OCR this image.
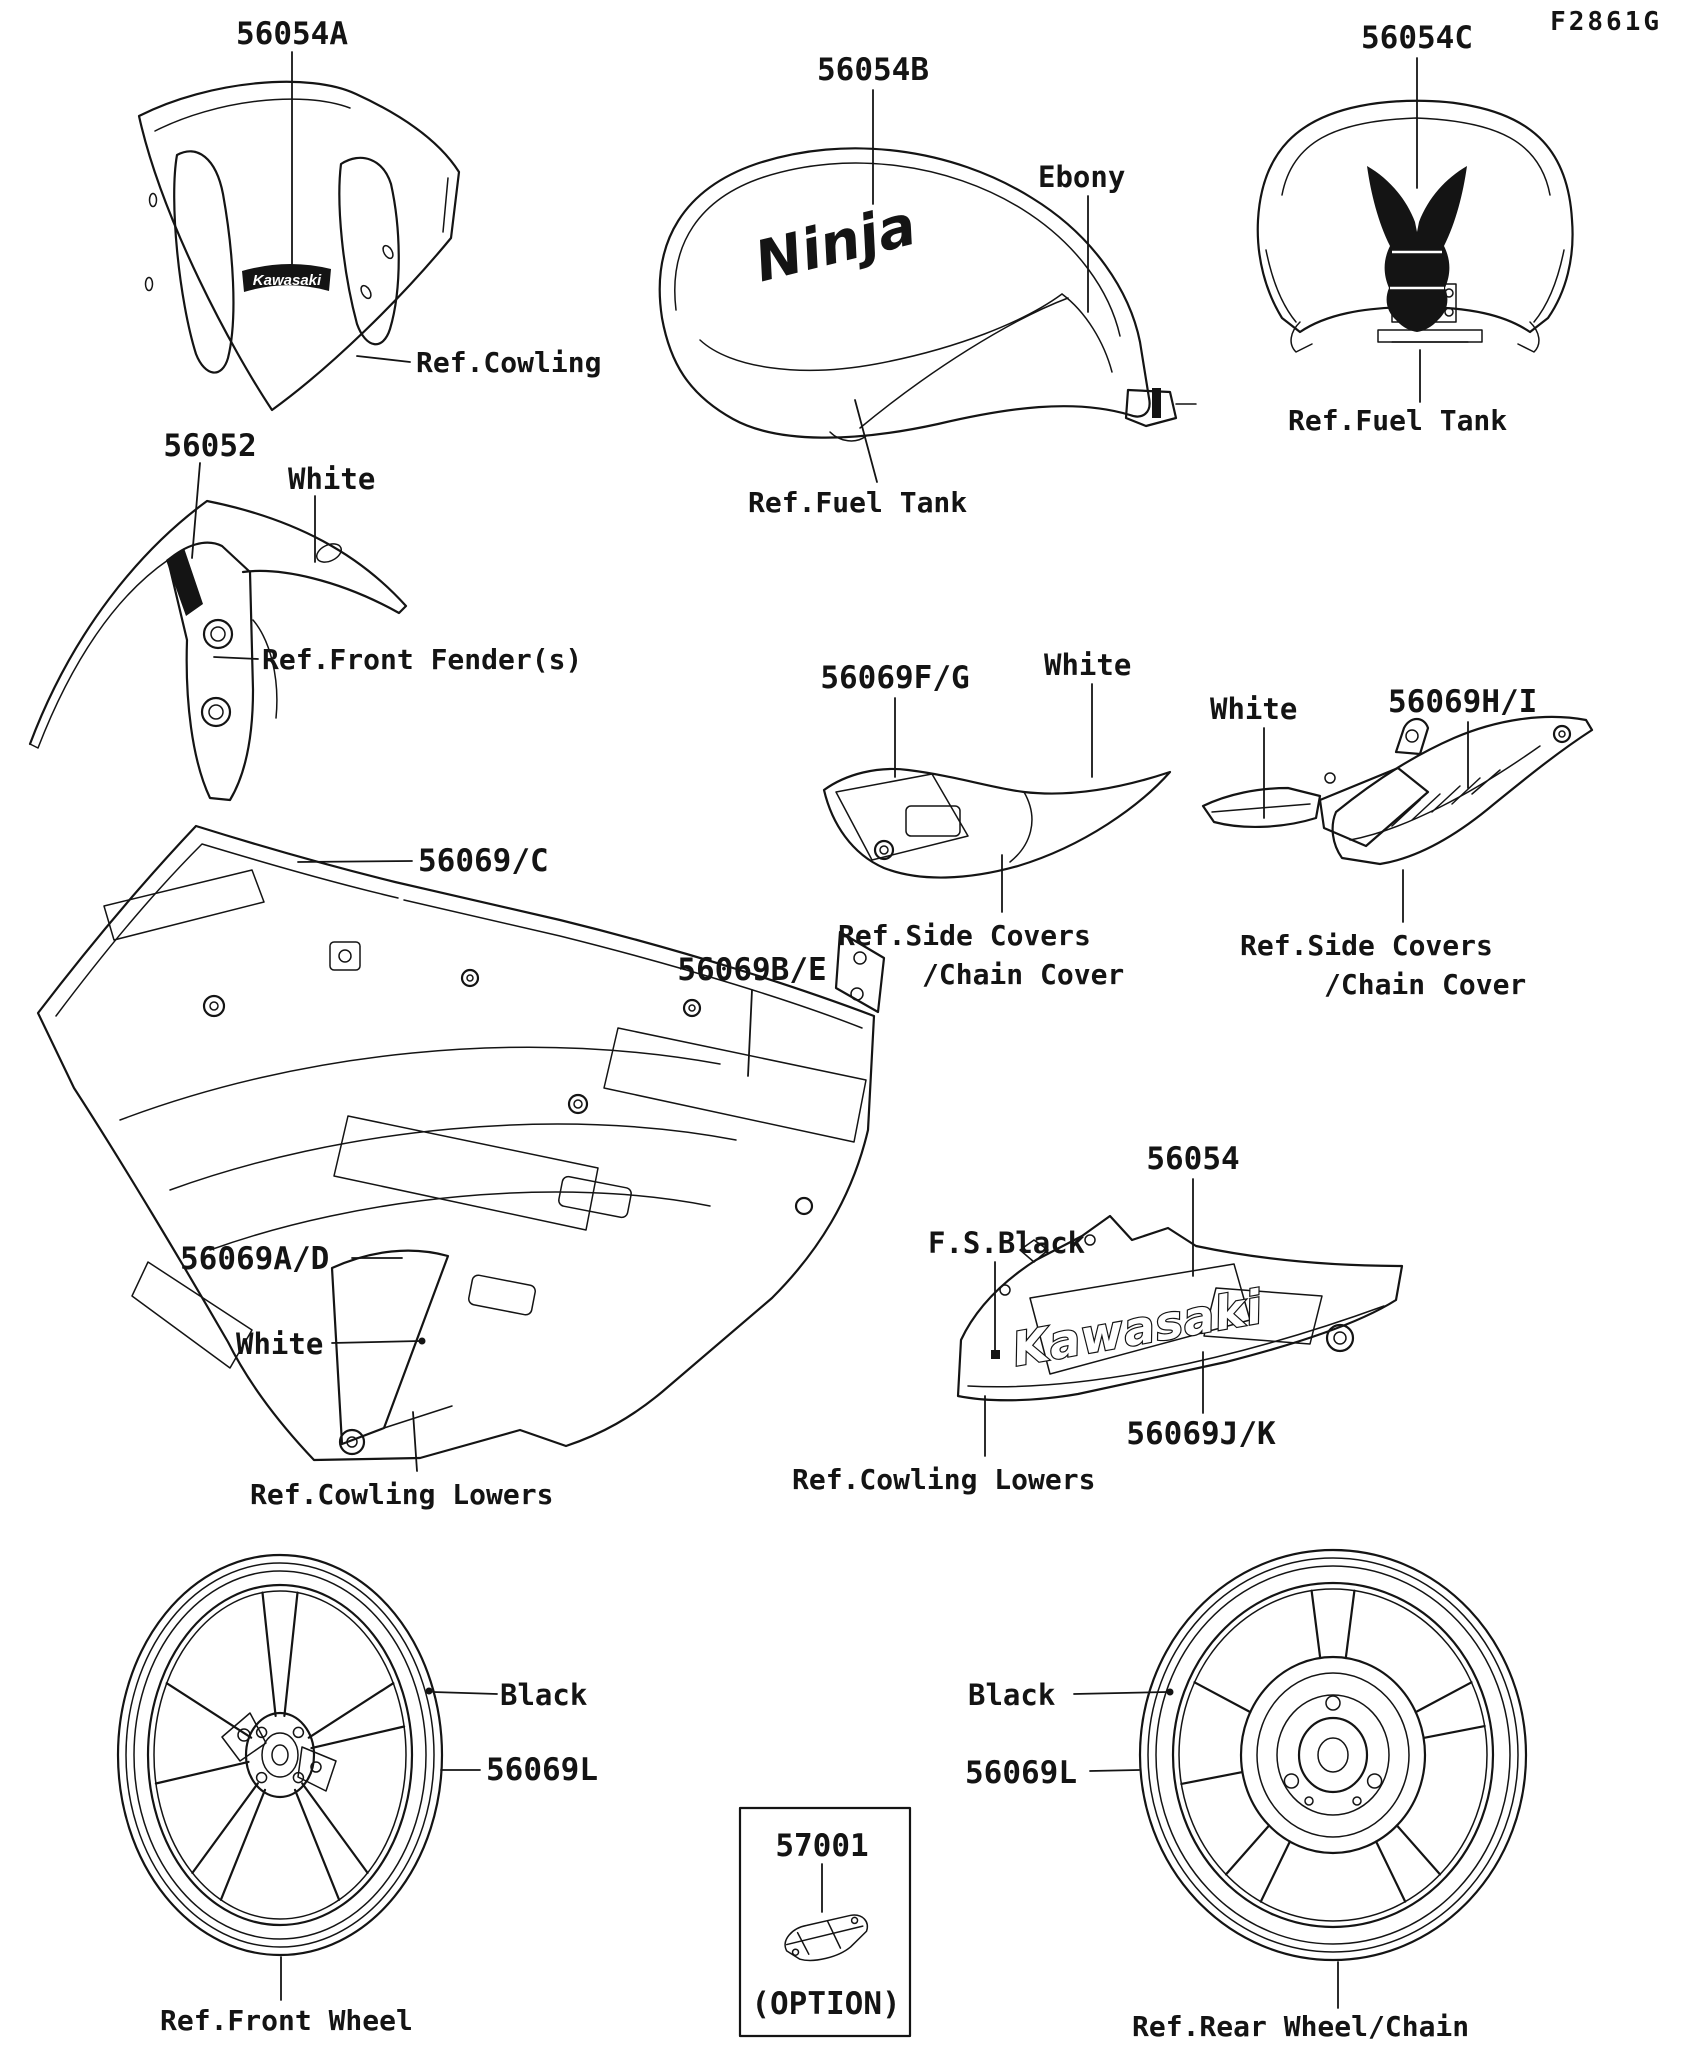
F2861G
Kawasaki
56054A
Ref.Cowling
Ninja
56054B
Ebony
Ref.Fuel Tank
56054C
Ref.Fuel Tank
56052
White
Ref.Front Fender(s)
56069/C
56069B/E
56069A/D
White
Ref.Cowling Lowers
56069F/G	White
Ref.Side Covers
/Chain Cover
White	56069H/I
Ref.Side Covers
/Chain Cover
Kawasaki
56054
F.S.Black
56069J/K
Ref.Cowling Lowers
Black
56069L
Ref.Front Wheel
Black
56069L
Ref.Rear Wheel/Chain
57001
(OPTION)
